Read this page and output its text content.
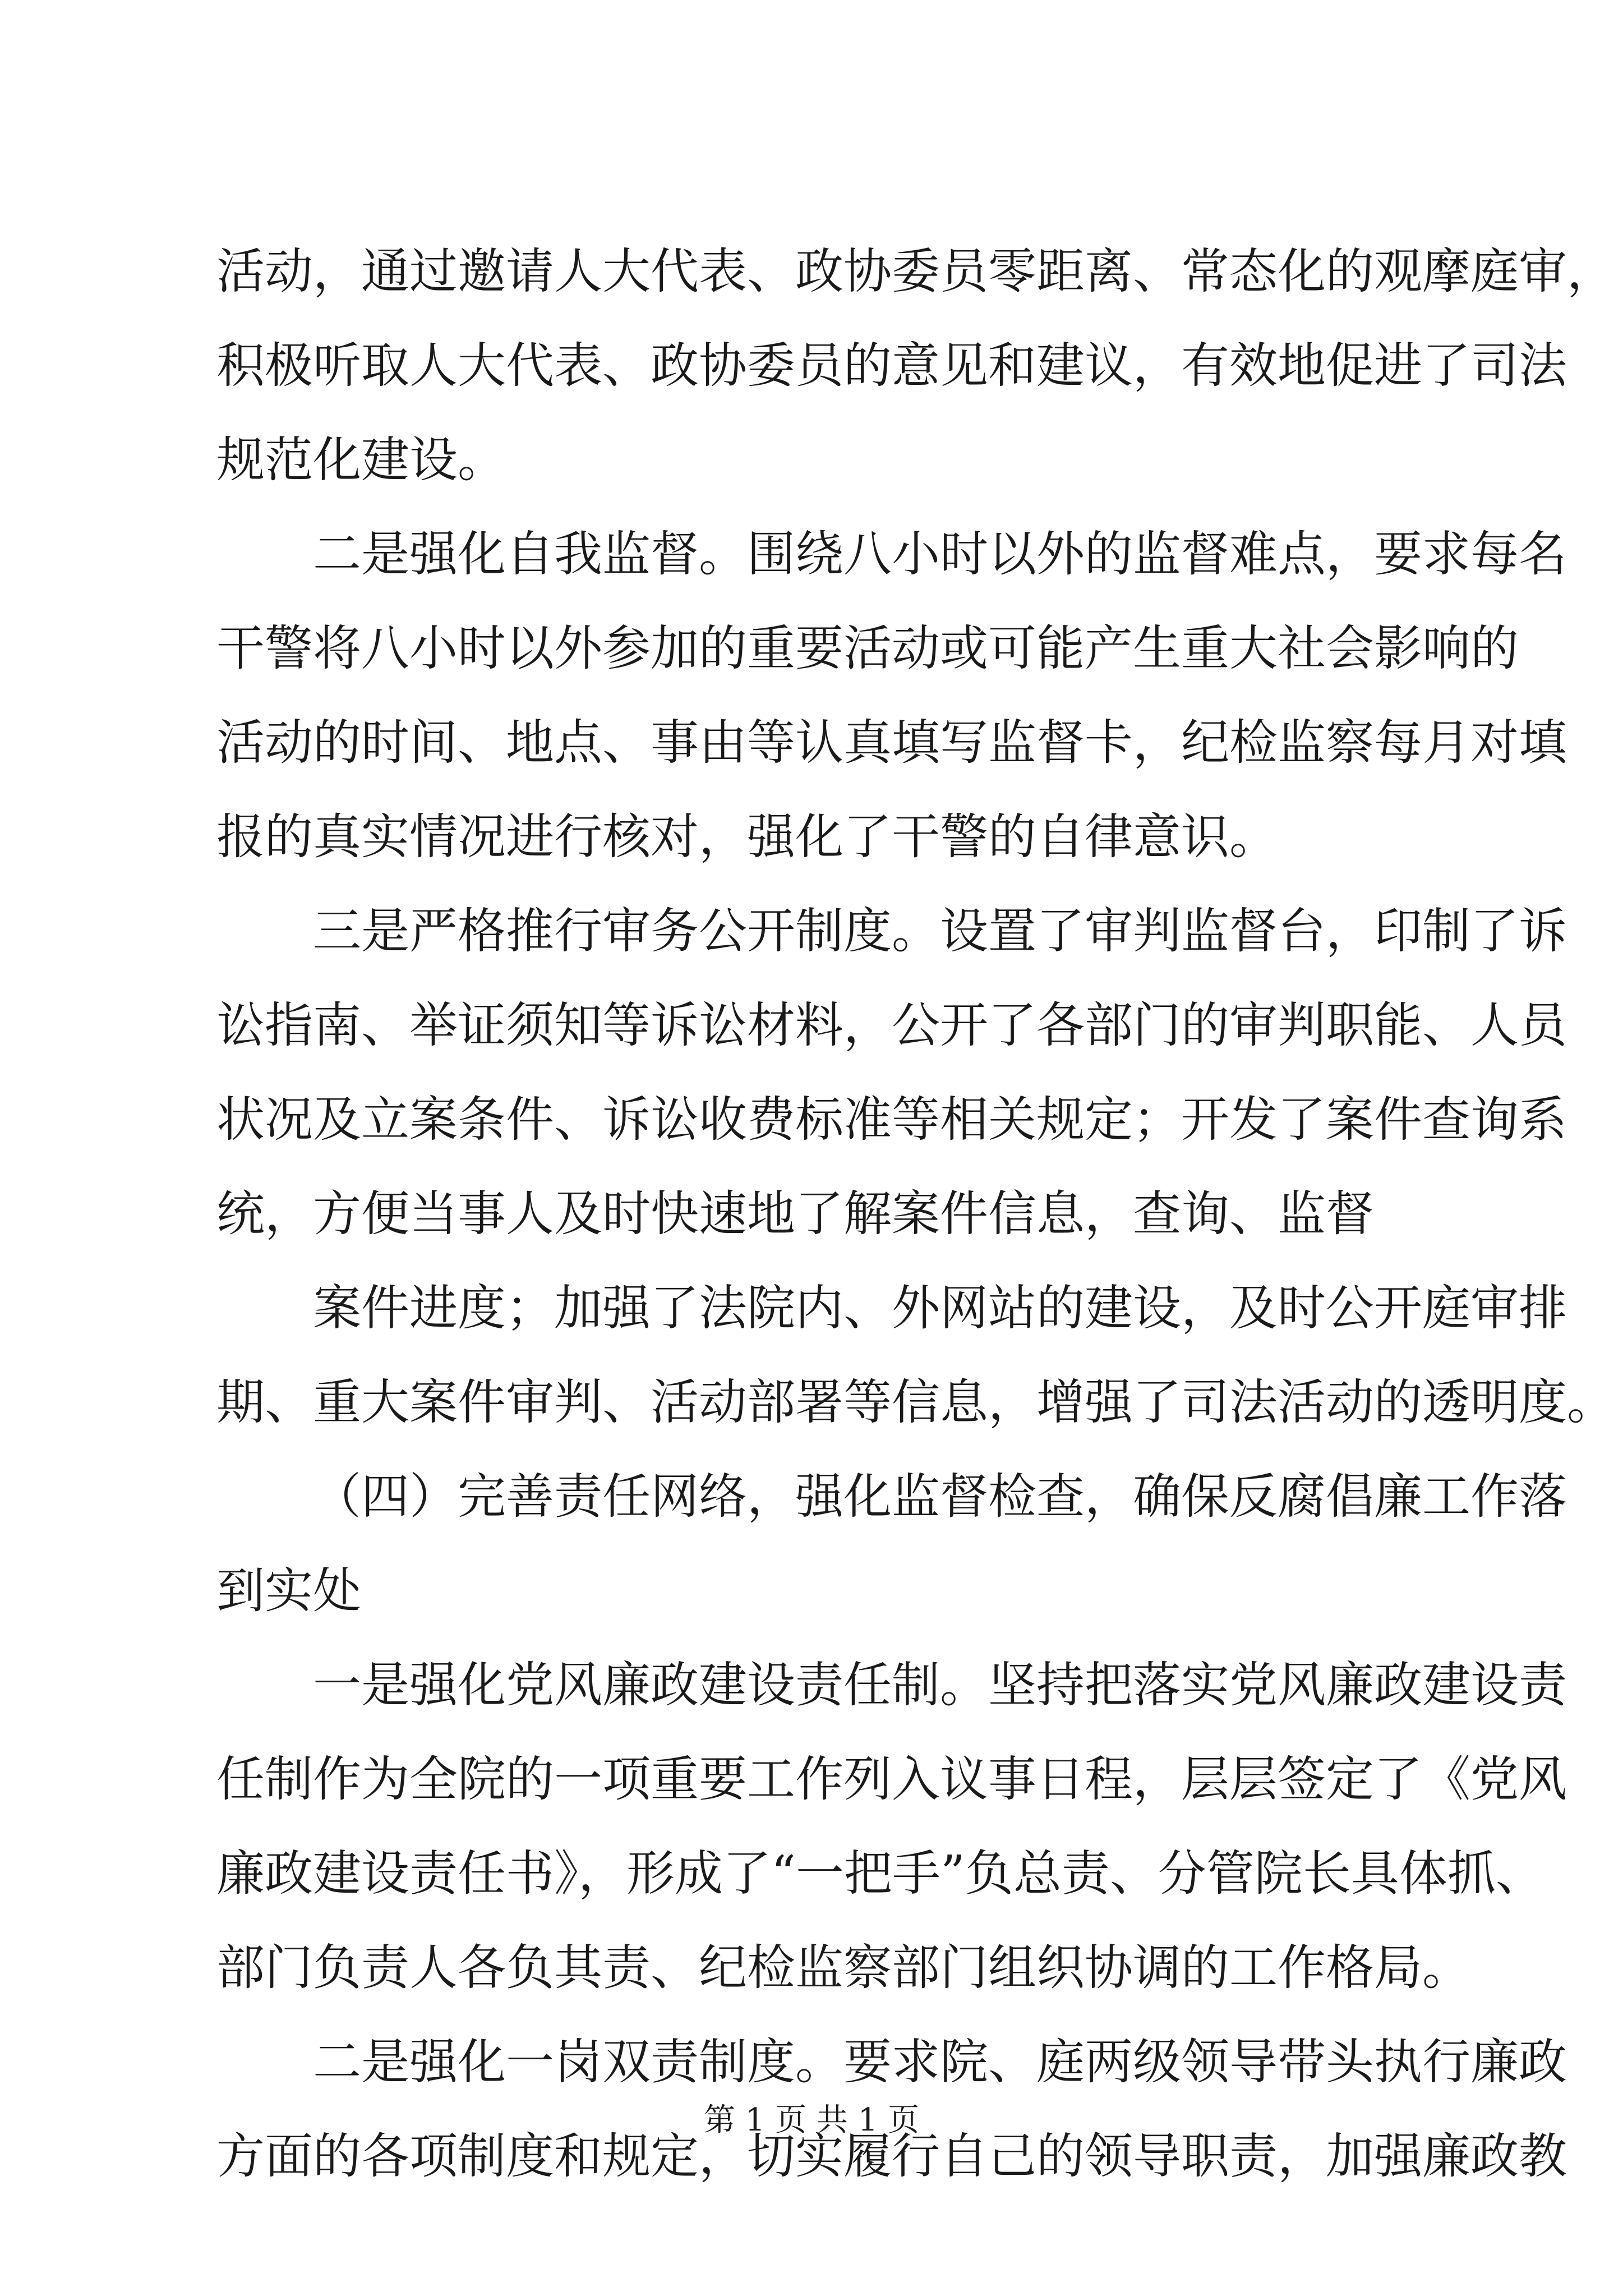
活动，通过邀请人大代表、政协委员零距离、常态化的观摩庭审，
积极听取人大代表、政协委员的意见和建议，有效地促进了司法
规范化建设。
二是强化自我监督。围绕八小时以外的监督难点，要求每名
干警将八小时以外参加的重要活动或可能产生重大社会影响的
活动的时间、地点、事由等认真填写监督卡，纪检监察每月对填
报的真实情况进行核对，强化了干警的自律意识。
三是严格推行审务公开制度。设置了审判监督台，印制了诉
讼指南、举证须知等诉讼材料，公开了各部门的审判职能、人员
状况及立案条件、诉讼收费标准等相关规定；开发了案件查询系
统，方便当事人及时快速地了解案件信息，查询、监督
案件进度；加强了法院内、外网站的建设，及时公开庭审排
期、重大案件审判、活动部署等信息，增强了司法活动的透明度。
（四）完善责任网络，强化监督检查，确保反腐倡廉工作落
到实处
一是强化党风廉政建设责任制。坚持把落实党风廉政建设责
任制作为全院的一项重要工作列入议事日程，层层签定了《党风
廉政建设责任书》，形成了“一把手”负总责、分管院长具体抓、
部门负责人各负其责、纪检监察部门组织协调的工作格局。
二是强化一岗双责制度。要求院、庭两级领导带头执行廉政
方面的各项制度和规定，切实履行自己的领导职责，加强廉政教
第 1 页 共 1 页
